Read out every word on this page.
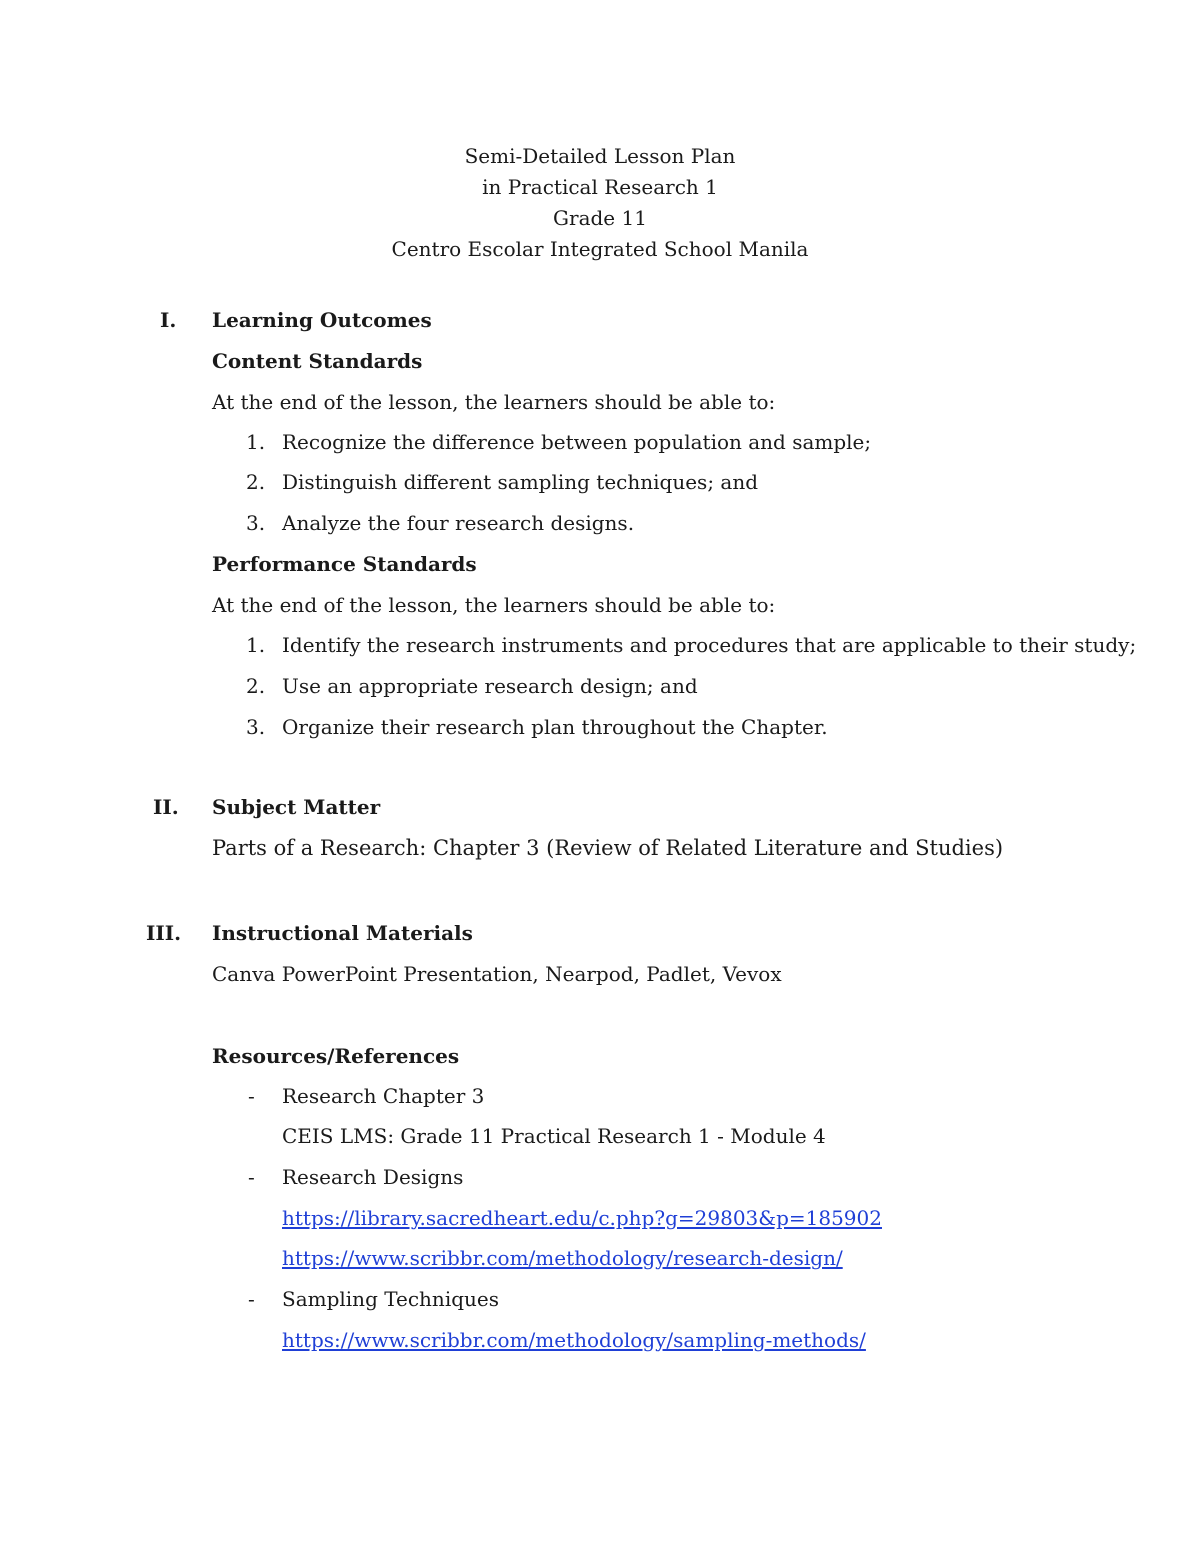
Semi-Detailed Lesson Plan
in Practical Research 1
Grade 11
Centro Escolar Integrated School Manila
I. Learning Outcomes
Content Standards
At the end of the lesson, the learners should be able to:
1. Recognize the difference between population and sample;
2. Distinguish different sampling techniques; and
3. Analyze the four research designs.
Performance Standards
At the end of the lesson, the learners should be able to:
1. Identify the research instruments and procedures that are applicable to their study;
2. Use an appropriate research design; and
3. Organize their research plan throughout the Chapter.
II. Subject Matter
Parts of a Research: Chapter 3 (Review of Related Literature and Studies)
III. Instructional Materials
Canva PowerPoint Presentation, Nearpod, Padlet, Vevox
Resources/References
- Research Chapter 3
CEIS LMS: Grade 11 Practical Research 1 - Module 4
- Research Designs
https://library.sacredheart.edu/c.php?g=29803&p=185902
https://www.scribbr.com/methodology/research-design/
- Sampling Techniques
https://www.scribbr.com/methodology/sampling-methods/
